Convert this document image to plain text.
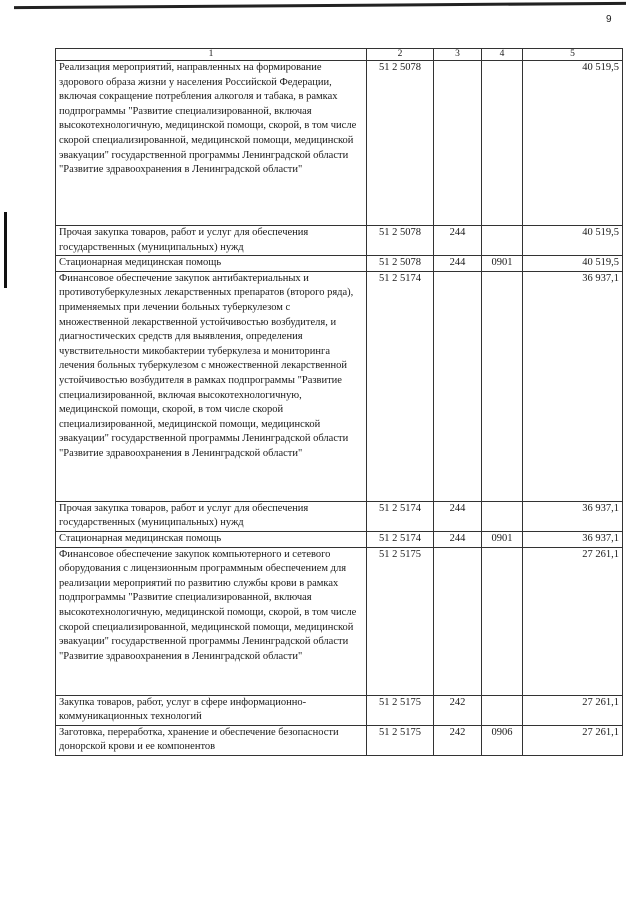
9
1	2	3	4	5
Реализация мероприятий, направленных на формирование здорового образа жизни у населения Российской Федерации, включая сокращение потребления алкоголя и табака, в рамках подпрограммы "Развитие специализированной, включая высокотехнологичную, медицинской помощи, скорой, в том числе скорой специализированной, медицинской помощи, медицинской эвакуации" государственной программы Ленинградской области "Развитие здравоохранения в Ленинградской области"	51 2 5078			40 519,5
Прочая закупка товаров, работ и услуг для обеспечения государственных (муниципальных) нужд	51 2 5078	244		40 519,5
Стационарная медицинская помощь	51 2 5078	244	0901	40 519,5
Финансовое обеспечение закупок антибактериальных и противотуберкулезных лекарственных препаратов (второго ряда), применяемых при лечении больных туберкулезом с множественной лекарственной устойчивостью возбудителя, и диагностических средств для выявления, определения чувствительности микобактерии туберкулеза и мониторинга лечения больных туберкулезом с множественной лекарственной устойчивостью возбудителя в рамках подпрограммы "Развитие специализированной, включая высокотехнологичную, медицинской помощи, скорой, в том числе скорой специализированной, медицинской помощи, медицинской эвакуации" государственной программы Ленинградской области "Развитие здравоохранения в Ленинградской области"	51 2 5174			36 937,1
Прочая закупка товаров, работ и услуг для обеспечения государственных (муниципальных) нужд	51 2 5174	244		36 937,1
Стационарная медицинская помощь	51 2 5174	244	0901	36 937,1
Финансовое обеспечение закупок компьютерного и сетевого оборудования с лицензионным программным обеспечением для реализации мероприятий по развитию службы крови в рамках подпрограммы "Развитие специализированной, включая высокотехнологичную, медицинской помощи, скорой, в том числе скорой специализированной, медицинской помощи, медицинской эвакуации" государственной программы Ленинградской области "Развитие здравоохранения в Ленинградской области"	51 2 5175			27 261,1
Закупка товаров, работ, услуг в сфере информационно-коммуникационных технологий	51 2 5175	242		27 261,1
Заготовка, переработка, хранение и обеспечение безопасности донорской крови и ее компонентов	51 2 5175	242	0906	27 261,1
